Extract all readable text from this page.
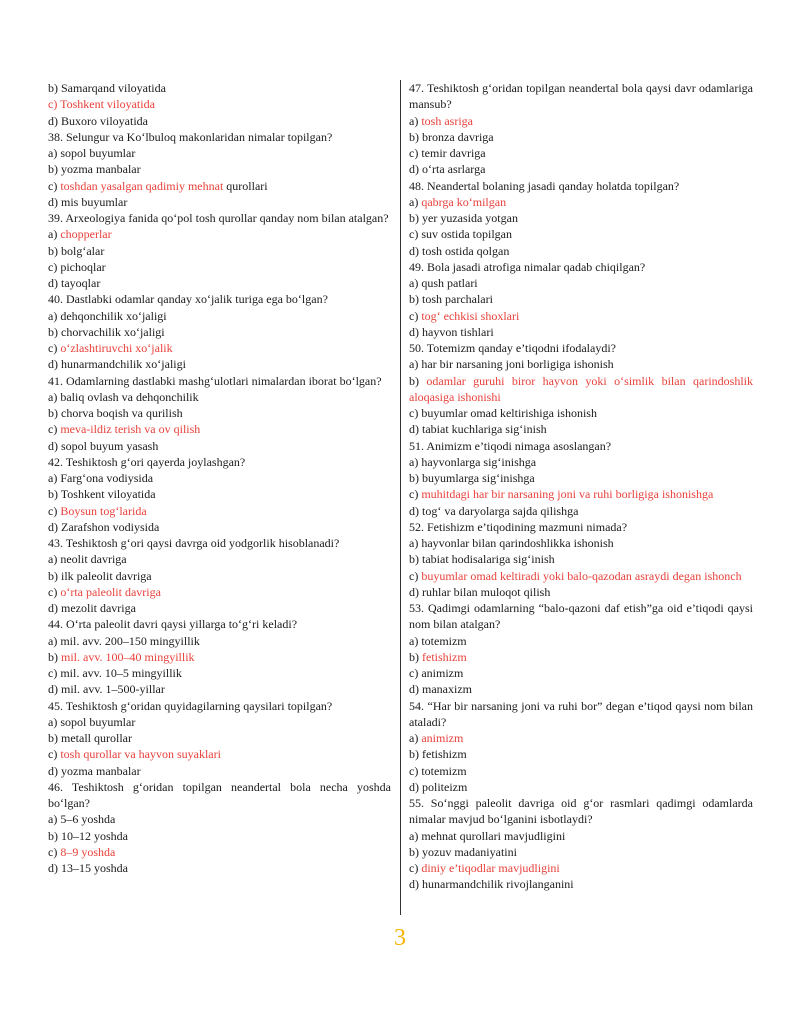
b) Samarqand viloyatida
c) Toshkent viloyatida
d) Buxoro viloyatida
38. Selungur va Ko‘lbuloq makonlaridan nimalar topilgan?
a) sopol buyumlar
b) yozma manbalar
c) toshdan yasalgan qadimiy mehnat qurollari
d) mis buyumlar
39. Arxeologiya fanida qo‘pol tosh qurollar qanday nom bilan atalgan?
a) chopperlar
b) bolg‘alar
c) pichoqlar
d) tayoqlar
40. Dastlabki odamlar qanday xo‘jalik turiga ega bo‘lgan?
a) dehqonchilik xo‘jaligi
b) chorvachilik xo‘jaligi
c) o‘zlashtiruvchi xo‘jalik
d) hunarmandchilik xo‘jaligi
41. Odamlarning dastlabki mashg‘ulotlari nimalardan iborat bo‘lgan?
a) baliq ovlash va dehqonchilik
b) chorva boqish va qurilish
c) meva-ildiz terish va ov qilish
d) sopol buyum yasash
42. Teshiktosh g‘ori qayerda joylashgan?
a) Farg‘ona vodiysida
b) Toshkent viloyatida
c) Boysun tog‘larida
d) Zarafshon vodiysida
43. Teshiktosh g‘ori qaysi davrga oid yodgorlik hisoblanadi?
a) neolit davriga
b) ilk paleolit davriga
c) o‘rta paleolit davriga
d) mezolit davriga
44. O‘rta paleolit davri qaysi yillarga to‘g‘ri keladi?
a) mil. avv. 200–150 mingyillik
b) mil. avv. 100–40 mingyillik
c) mil. avv. 10–5 mingyillik
d) mil. avv. 1–500-yillar
45. Teshiktosh g‘oridan quyidagilarning qaysilari topilgan?
a) sopol buyumlar
b) metall qurollar
c) tosh qurollar va hayvon suyaklari
d) yozma manbalar
46. Teshiktosh g‘oridan topilgan neandertal bola necha yoshda bo‘lgan?
a) 5–6 yoshda
b) 10–12 yoshda
c) 8–9 yoshda
d) 13–15 yoshda
47. Teshiktosh g‘oridan topilgan neandertal bola qaysi davr odamlariga mansub?
a) tosh asriga
b) bronza davriga
c) temir davriga
d) o‘rta asrlarga
48. Neandertal bolaning jasadi qanday holatda topilgan?
a) qabrga ko‘milgan
b) yer yuzasida yotgan
c) suv ostida topilgan
d) tosh ostida qolgan
49. Bola jasadi atrofiga nimalar qadab chiqilgan?
a) qush patlari
b) tosh parchalari
c) tog‘ echkisi shoxlari
d) hayvon tishlari
50. Totemizm qanday e’tiqodni ifodalaydi?
a) har bir narsaning joni borligiga ishonish
b) odamlar guruhi biror hayvon yoki o‘simlik bilan qarindoshlik aloqasiga ishonishi
c) buyumlar omad keltirishiga ishonish
d) tabiat kuchlariga sig‘inish
51. Animizm e’tiqodi nimaga asoslangan?
a) hayvonlarga sig‘inishga
b) buyumlarga sig‘inishga
c) muhitdagi har bir narsaning joni va ruhi borligiga ishonishga
d) tog‘ va daryolarga sajda qilishga
52. Fetishizm e’tiqodining mazmuni nimada?
a) hayvonlar bilan qarindoshlikka ishonish
b) tabiat hodisalariga sig‘inish
c) buyumlar omad keltiradi yoki balo-qazodan asraydi degan ishonch
d) ruhlar bilan muloqot qilish
53. Qadimgi odamlarning “balo-qazoni daf etish”ga oid e’tiqodi qaysi nom bilan atalgan?
a) totemizm
b) fetishizm
c) animizm
d) manaxizm
54. “Har bir narsaning joni va ruhi bor” degan e’tiqod qaysi nom bilan ataladi?
a) animizm
b) fetishizm
c) totemizm
d) politeizm
55. So‘nggi paleolit davriga oid g‘or rasmlari qadimgi odamlarda nimalar mavjud bo‘lganini isbotlaydi?
a) mehnat qurollari mavjudligini
b) yozuv madaniyatini
c) diniy e’tiqodlar mavjudligini
d) hunarmandchilik rivojlanganini
3
